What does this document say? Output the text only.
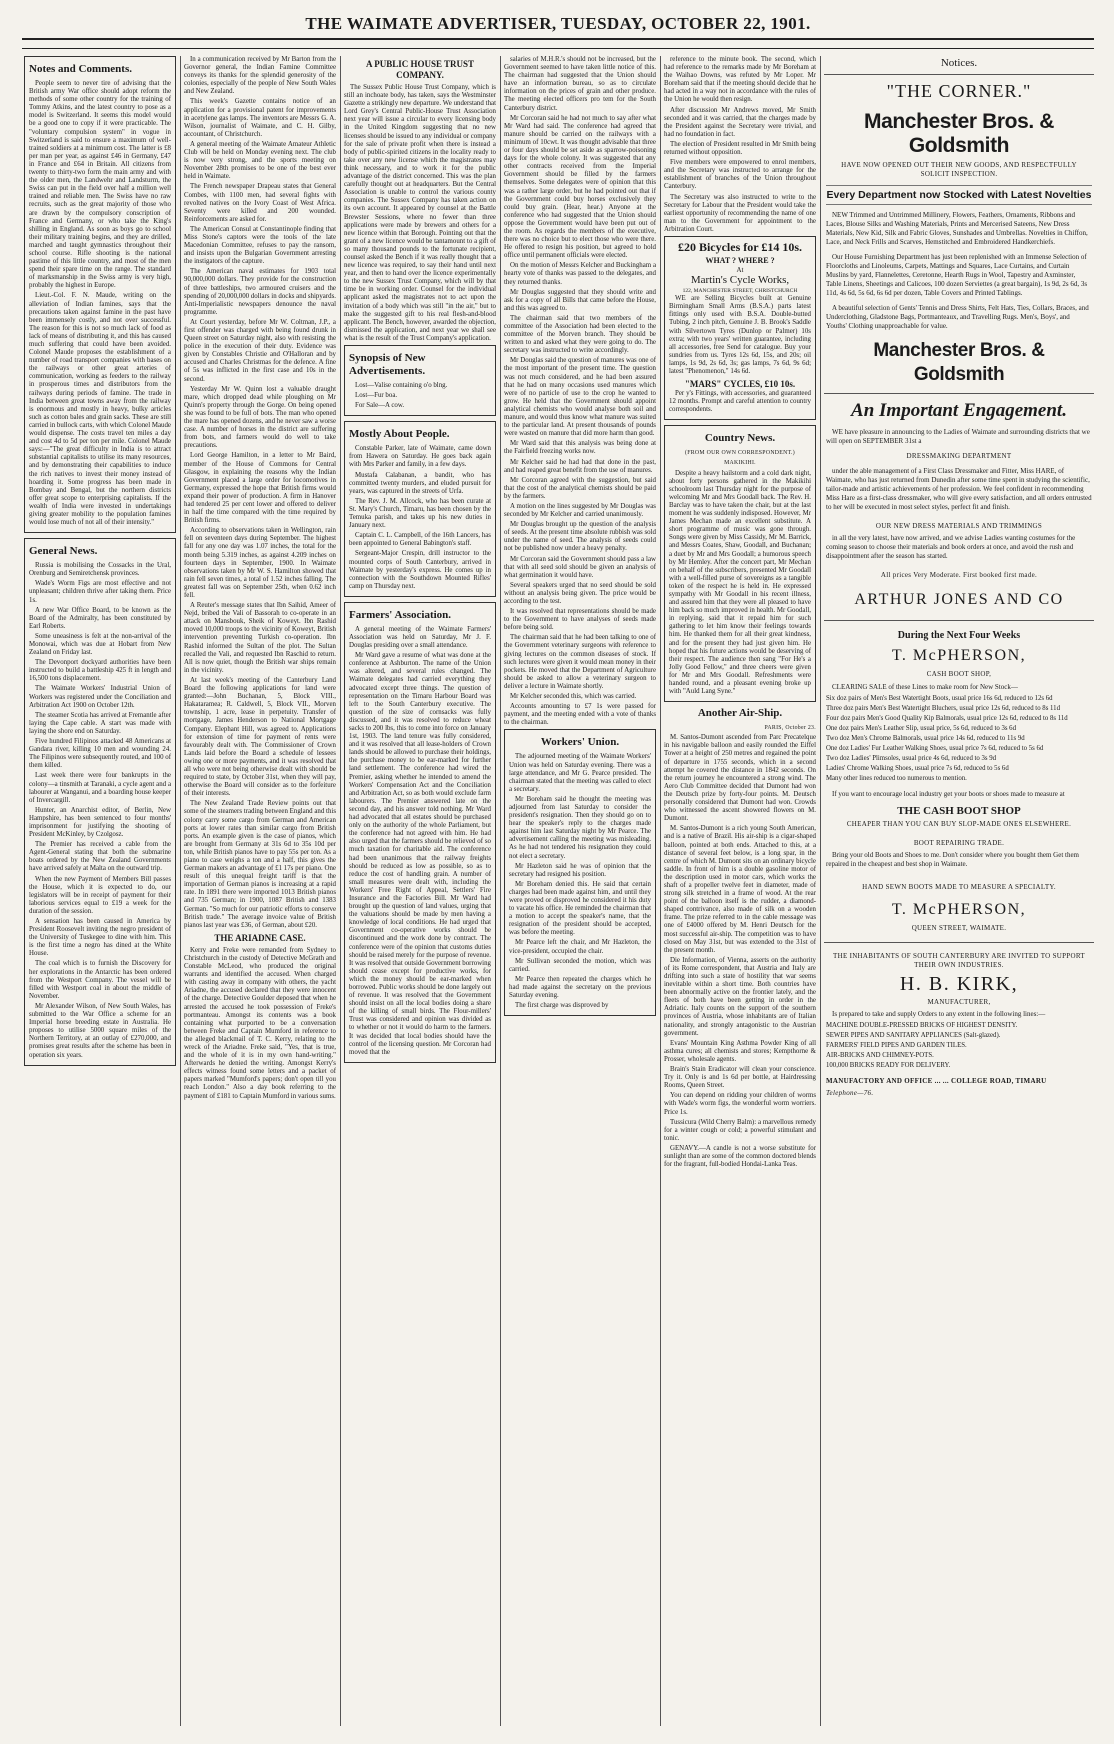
THE WAIMATE ADVERTISER, TUESDAY, OCTOBER 22, 1901.
Notes and Comments.

People seem to never tire of advising that the British army War office should adopt reform the methods of some other country for the training of Tommy Atkins, and the latest country to pose as a model is Switzerland. It seems this model would be a good one to copy if it were practicable. The "voluntary compulsion system" in vogue in Switzerland is said to ensure a maximum of well-trained soldiers at a minimum cost. The latter is £8 per man per year, as against £46 in Germany, £47 in France and £64 in Britain. All citizens from twenty to thirty-two form the main army and with the older men, the Landwehr and Landsturm, the Swiss can put in the field over half a million well trained and reliable men. The Swiss have no raw recruits, such as the great majority of those who are drawn by the compulsory conscription of France and Germany, or who take the King's shilling in England. As soon as boys go to school their military training begins, and they are drilled, marched and taught gymnastics throughout their school course. Rifle shooting is the national pastime of this little country, and most of the men spend their spare time on the range. The standard of marksmanship in the Swiss army is very high, probably the highest in Europe.

Lieut.-Col. F. N. Maude, writing on the alleviation of Indian famines, says that the precautions taken against famine in the past have been immensely costly, and not over successful. The reason for this is not so much lack of food as lack of means of distributing it, and this has caused much suffering that could have been avoided. Colonel Maude proposes the establishment of a number of road transport companies with bases on the railways or other great arteries of communication, working as feeders to the railway in prosperous times and distributors from the railways during periods of famine. The trade in India between great towns away from the railway is enormous and mostly in heavy, bulky articles such as cotton bales and grain sacks. These are still carried in bullock carts, with which Colonel Maude would dispense. The costs travel ten miles a day and cost 4d to 5d per ton per mile. Colonel Maude says:—"The great difficulty in India is to attract substantial capitalists to utilise its many resources, and by demonstrating their capabilities to induce the rich natives to invest their money instead of hoarding it. Some progress has been made in Bombay and Bengal, but the northern districts offer great scope to enterprising capitalists. If the wealth of India were invested in undertakings giving greater mobility to the population famines would lose much of not all of their intensity."

General News.

Russia is mobilising the Cossacks in the Ural, Orenburg and Semiretchensk provinces.

Wade's Worm Figs are most effective and not unpleasant; children thrive after taking them. Price 1s.

A new War Office Board, to be known as the Board of the Admiralty, has been constituted by Earl Roberts.

Some uneasiness is felt at the non-arrival of the Monowai, which was due at Hobart from New Zealand on Friday last.

The Devonport dockyard authorities have been instructed to build a battleship 425 ft in length and 16,500 tons displacement.

The Waimate Workers' Industrial Union of Workers was registered under the Conciliation and Arbitration Act 1900 on October 12th.

The steamer Scotia has arrived at Fremantle after laying the Cape cable. A start was made with laying the shore end on Saturday.

Five hundred Filipinos attacked 48 Americans at Gandara river, killing 10 men and wounding 24. The Filipinos were subsequently routed, and 100 of them killed.

Last week there were four bankrupts in the colony—a tinsmith at Taranaki, a cycle agent and a labourer at Wanganui, and a boarding house keeper of Invercargill.

Hunter, an Anarchist editor, of Berlin, New Hampshire, has been sentenced to four months' imprisonment for justifying the shooting of President McKinley, by Czolgosz.

The Premier has received a cable from the Agent-General stating that both the submarine boats ordered by the New Zealand Governments have arrived safely at Malta on the outward trip.

When the new Payment of Members Bill passes the House, which it is expected to do, our legislators will be in receipt of payment for their laborious services equal to £19 a week for the duration of the session.

A sensation has been caused in America by President Roosevelt inviting the negro president of the University of Tuskegee to dine with him. This is the first time a negro has dined at the White House.

The coal which is to furnish the Discovery for her explorations in the Antarctic has been ordered from the Westport Company. The vessel will be filled with Westport coal in about the middle of November.

Mr Alexander Wilson, of New South Wales, has submitted to the War Office a scheme for an Imperial horse breeding estate in Australia. He proposes to utilise 5000 square miles of the Northern Territory, at an outlay of £270,000, and promises great results after the scheme has been in operation six years.

In a communication received by Mr Barton from the Governor general, the Indian Famine Committee conveys its thanks for the splendid generosity of the colonies, especially of the people of New South Wales and New Zealand.

This week's Gazette contains notice of an application for a provisional patent for improvements in acetylene gas lamps. The inventors are Messrs G. A. Wilson, journalist of Waimate, and C. H. Gilby, accountant, of Christchurch.

A general meeting of the Waimate Amateur Athletic Club will be held on Monday evening next. The club is now very strong, and the sports meeting on November 28th promises to be one of the best ever held in Waimate.

The French newspaper Drapeau states that General Combes, with 1100 men, had several fights with revolted natives on the Ivory Coast of West Africa. Seventy were killed and 200 wounded. Reinforcements are asked for.

The American Consul at Constantinople finding that Miss Stone's captors were the tools of the late Macedonian Committee, refuses to pay the ransom, and insists upon the Bulgarian Government arresting the instigators of the capture.

The American naval estimates for 1903 total 90,000,000 dollars. They provide for the construction of three battleships, two armoured cruisers and the spending of 20,000,000 dollars in docks and shipyards. Anti-Imperialistic newspapers denounce the naval programme.

At Court yesterday, before Mr W. Coltman, J.P., a first offender was charged with being found drunk in Queen street on Saturday night, also with resisting the police in the execution of their duty. Evidence was given by Constables Christie and O'Halloran and by accused and Charles Christmas for the defence. A fine of 5s was inflicted in the first case and 10s in the second.

Yesterday Mr W. Quinn lost a valuable draught mare, which dropped dead while ploughing on Mr Quinn's property through the Gorge. On being opened she was found to be full of bots. The man who opened the mare has opened dozens, and he never saw a worse case. A number of horses in the district are suffering from bots, and farmers would do well to take precautions.

Lord George Hamilton, in a letter to Mr Baird, member of the House of Commons for Central Glasgow, in explaining the reasons why the Indian Government placed a large order for locomotives in Germany, expressed the hope that British firms would expand their power of production. A firm in Hanover had tendered 25 per cent lower and offered to deliver in half the time compared with the time required by British firms.

According to observations taken in Wellington, rain fell on seventeen days during September. The highest fall for any one day was 1.07 inches, the total for the month being 5.319 inches, as against 4.209 inches on fourteen days in September, 1900. In Waimate observations taken by Mr W. S. Hamilton showed that rain fell seven times, a total of 1.52 inches falling. The greatest fall was on September 25th, when 0.62 inch fell.

A Reuter's message states that Ibn Saihid, Ameer of Nejd, bribed the Vali of Bassorah to co-operate in an attack on Mansbouk, Sheik of Koweyt. Ibn Rashid moved 10,000 troops to the vicinity of Koweyt, British intervention preventing Turkish co-operation. Ibn Rashid informed the Sultan of the plot. The Sultan recalled the Vali, and requested Ibn Raschid to return. All is now quiet, though the British war ships remain in the vicinity.

At last week's meeting of the Canterbury Land Board the following applications for land were granted:—John Buchanan, 5, Block VIII., Hakataramea; R. Caldwell, 5, Block VII., Morven township, 1 acre, lease in perpetuity. Transfer of mortgage, James Henderson to National Mortgage Company. Elephant Hill, was agreed to. Applications for extension of time for payment of rents were favourably dealt with. The Commissioner of Crown Lands laid before the Board a schedule of lessees owing one or more payments, and it was resolved that all who were not being otherwise dealt with should be required to state, by October 31st, when they will pay, otherwise the Board will consider as to the forfeiture of their interests.

The New Zealand Trade Review points out that some of the steamers trading between England and this colony carry some cargo from German and American ports at lower rates than similar cargo from British ports. An example given is the case of pianos, which are brought from Germany at 31s 6d to 35s 10d per ton, while British pianos have to pay 55s per ton. As a piano to case weighs a ton and a half, this gives the German makers an advantage of £1 17s per piano. One result of this unequal freight tariff is that the importation of German pianos is increasing at a rapid rate. In 1891 there were imported 1013 British pianos and 735 German; in 1900, 1087 British and 1383 German. "So much for our patriotic efforts to conserve British trade." The average invoice value of British pianos last year was £36, of German, about £20.

THE ARIADNE CASE.

Kerry and Freke were remanded from Sydney to Christchurch in the custody of Detective McGrath and Constable McLeod, who produced the original warrants and identified the accused. When charged with casting away in company with others, the yacht Ariadne, the accused declared that they were innocent of the charge. Detective Goulder deposed that when he arrested the accused he took possession of Freke's portmanteau. Amongst its contents was a book containing what purported to be a conversation between Freke and Captain Mumford in reference to the alleged blackmail of T. C. Kerry, relating to the wreck of the Ariadne. Freke said, "Yes, that is true, and the whole of it is in my own hand-writing." Afterwards he denied the writing. Amongst Kerry's effects witness found some letters and a packet of papers marked "Mumford's papers; don't open till you reach London." Also a day book referring to the payment of £181 to Captain Mumford in various sums.

A PUBLIC HOUSE TRUST COMPANY.

The Sussex Public House Trust Company, which is still an inchoate body, has taken, says the Westminster Gazette a strikingly new departure. We understand that Lord Grey's Central Public-House Trust Association next year will issue a circular to every licensing body in the United Kingdom suggesting that no new licenses should be issued to any individual or company for the sale of private profit when there is instead a body of public-spirited citizens in the locality ready to take over any new license which the magistrates may think necessary, and to work it for the public advantage of the district concerned. This was the plan carefully thought out at headquarters. But the Central Association is unable to control the various county companies. The Sussex Company has taken action on its own account. It appeared by counsel at the Battle Brewster Sessions, where no fewer than three applications were made by brewers and others for a new licence within that Borough. Pointing out that the grant of a new licence would be tantamount to a gift of so many thousand pounds to the fortunate recipient, counsel asked the Bench if it was really thought that a new licence was required, to say their hand until next year, and then to hand over the licence experimentally to the new Sussex Trust Company, which will by that time be in working order. Counsel for the individual applicant asked the magistrates not to act upon the invitation of a body which was still "in the air," but to make the suggested gift to his real flesh-and-blood applicant. The Bench, however, awarded the objection, dismissed the application, and next year we shall see what is the result of the Trust Company's application.

Synopsis of New Advertisements.

Lost—Valise containing o'o blng.

Lost—Fur boa.

For Sale—A cow.

Mostly About People.

Constable Parker, late of Waimate, came down from Hawera on Saturday. He goes back again with Mrs Parker and family, in a few days.

Mustafa Calabanan, a bandit, who has committed twenty murders, and eluded pursuit for years, was captured in the streets of Urfa.

The Rev. J. M. Allcock, who has been curate at St. Mary's Church, Timaru, has been chosen by the Temuka parish, and takes up his new duties in January next.

Captain C. L. Campbell, of the 16th Lancers, has been appointed to General Babington's staff.

Sergeant-Major Crespin, drill instructor to the mounted corps of South Canterbury, arrived in Waimate by yesterday's express. He comes up in connection with the Southdown Mounted Rifles' camp on Thursday next.

Farmers' Association.

A general meeting of the Waimate Farmers' Association was held on Saturday, Mr J. F. Douglas presiding over a small attendance.

Mr Ward gave a resume of what was done at the conference at Ashburton. The name of the Union was altered, and several rules changed. The Waimate delegates had carried everything they advocated except three things. The question of representation on the Timaru Harbour Board was left to the South Canterbury executive. The question of the size of cornsacks was fully discussed, and it was resolved to reduce wheat sacks to 200 lbs, this to come into force on January 1st, 1903. The land tenure was fully considered, and it was resolved that all lease-holders of Crown lands should be allowed to purchase their holdings, the purchase money to be ear-marked for further land settlement. The conference had wired the Premier, asking whether he intended to amend the Workers' Compensation Act and the Conciliation and Arbitration Act, so as both would exclude farm labourers. The Premier answered late on the second day, and his answer told nothing. Mr Ward had advocated that all estates should be purchased only on the authority of the whole Parliament, but the conference had not agreed with him. He had also urged that the farmers should be relieved of so much taxation for charitable aid. The conference had been unanimous that the railway freights should be reduced as low as possible, so as to reduce the cost of handling grain. A number of small measures were dealt with, including the Workers' Free Right of Appeal, Settlers' Fire Insurance and the Factories Bill. Mr Ward had brought up the question of land values, urging that the valuations should be made by men having a knowledge of local conditions. He had urged that Government co-operative works should be discontinued and the work done by contract. The conference were of the opinion that customs duties should be raised merely for the purpose of revenue. It was resolved that outside Government borrowing should cease except for productive works, for which the money should be ear-marked when borrowed. Public works should be done largely out of revenue. It was resolved that the Government should insist on all the local bodies doing a share of the killing of small birds. The Flour-millers' Trust was considered and opinion was divided as to whether or not it would do harm to the farmers. It was decided that local bodies should have the control of the licensing question. Mr Corcoran had moved that the

salaries of M.H.R.'s should not be increased, but the Government seemed to have taken little notice of this. The chairman had suggested that the Union should have an information bureau, so as to circulate information on the prices of grain and other produce. The meeting elected officers pro tem for the South Canterbury district.

Mr Corcoran said he had not much to say after what Mr Ward had said. The conference had agreed that manure should be carried on the railways with a minimum of 10cwt. It was thought advisable that three or four days should be set aside as sparrow-poisoning days for the whole colony. It was suggested that any other contracts received from the Imperial Government should be filled by the farmers themselves. Some delegates were of opinion that this was a rather large order, but he had pointed out that if the Government could buy horses exclusively they could buy grain. (Hear, hear.) Anyone at the conference who had suggested that the Union should oppose the Government would have been put out of the room. As regards the members of the executive, there was no choice but to elect those who were there. He offered to resign his position, but agreed to hold office until permanent officials were elected.

On the motion of Messrs Kelcher and Buckingham a hearty vote of thanks was passed to the delegates, and they returned thanks.

Mr Douglas suggested that they should write and ask for a copy of all Bills that came before the House, and this was agreed to.

The chairman said that two members of the committee of the Association had been elected to the committee of the Morven branch. They should be written to and asked what they were going to do. The secretary was instructed to write accordingly.

Mr Douglas said the question of manures was one of the most important of the present time. The question was not much considered, and he had been assured that he had on many occasions used manures which were of no particle of use to the crop he wanted to grow. He held that the Government should appoint analytical chemists who would analyse both soil and manure, and would thus know what manure was suited to the particular land. At present thousands of pounds were wasted on manure that did more harm than good.

Mr Ward said that this analysis was being done at the Fairfield freezing works now.

Mr Kelcher said he had had that done in the past, and had reaped great benefit from the use of manures.

Mr Corcoran agreed with the suggestion, but said that the cost of the analytical chemists should be paid by the farmers.

A motion on the lines suggested by Mr Douglas was seconded by Mr Kelcher and carried unanimously.

Mr Douglas brought up the question of the analysis of seeds. At the present time absolute rubbish was sold under the name of seed. The analysis of seeds could not be published now under a heavy penalty.

Mr Corcoran said the Government should pass a law that with all seed sold should be given an analysis of what germination it would have.

Several speakers urged that no seed should be sold without an analysis being given. The price would be according to the test.

It was resolved that representations should be made to the Government to have analyses of seeds made before being sold.

The chairman said that he had been talking to one of the Government veterinary surgeons with reference to giving lectures on the common diseases of stock. If such lectures were given it would mean money in their pockets. He moved that the Department of Agriculture should be asked to allow a veterinary surgeon to deliver a lecture in Waimate shortly.

Mr Kelcher seconded this, which was carried.

Accounts amounting to £7 1s were passed for payment, and the meeting ended with a vote of thanks to the chairman.

Workers' Union.

The adjourned meeting of the Waimate Workers' Union was held on Saturday evening. There was a large attendance, and Mr G. Pearce presided. The chairman stated that the meeting was called to elect a secretary.

Mr Boreham said he thought the meeting was adjourned from last Saturday to consider the president's resignation. Then they should go on to hear the speaker's reply to the charges made against him last Saturday night by Mr Pearce. The advertisement calling the meeting was misleading. As he had not tendered his resignation they could not elect a secretary.

Mr Hazleton said he was of opinion that the secretary had resigned his position.

Mr Boreham denied this. He said that certain charges had been made against him, and until they were proved or disproved he considered it his duty to vacate his office. He reminded the chairman that a motion to accept the speaker's name, that the resignation of the president should be accepted, was before the meeting.

Mr Pearce left the chair, and Mr Hazleton, the vice-president, occupied the chair.

Mr Sullivan seconded the motion, which was carried.

Mr Pearce then repeated the charges which he had made against the secretary on the previous Saturday evening.

The first charge was disproved by

reference to the minute book. The second, which had reference to the remarks made by Mr Boreham at the Waihao Downs, was refuted by Mr Loper. Mr Boreham said that if the meeting should decide that he had acted in a way not in accordance with the rules of the Union he would then resign.

After discussion Mr Andrews moved, Mr Smith seconded and it was carried, that the charges made by the President against the Secretary were trivial, and had no foundation in fact.

The election of President resulted in Mr Smith being returned without opposition.

Five members were empowered to enrol members, and the Secretary was instructed to arrange for the establishment of branches of the Union throughout Canterbury.

The Secretary was also instructed to write to the Secretary for Labour that the President would take the earliest opportunity of recommending the name of one man to the Government for appointment to the Arbitration Court.

£20 Bicycles for £14 10s.
WHAT ? WHERE ?
At
Martin's Cycle Works,
122, MANCHESTER STREET, CHRISTCHURCH

WE are Selling Bicycles built at Genuine Birmingham Small Arms (B.S.A.) parts latest fittings only used with B.S.A. Double-butted Tubing, 2 inch pitch, Genuine J. B. Brook's Saddle with Silvertown Tyres (Dunlop or Palmer) 10s extra; with two years' written guarantee, including all accessories, free Send for catalogue. Buy your sundries from us. Tyres 12s 6d, 15s, and 20s; oil lamps, 1s 9d, 2s 6d, 3s; gas lamps, 7s 6d, 9s 6d; latest "Phenomenon," 14s 6d.

"MARS" CYCLES, £10 10s.

Per y's Fittings, with accessories, and guaranteed 12 months. Prompt and careful attention to country correspondents.

Country News.
(FROM OUR OWN CORRESPONDENT.)
MAKIKIHI.

Despite a heavy hailstorm and a cold dark night, about forty persons gathered in the Makikihi schoolroom last Thursday night for the purpose of welcoming Mr and Mrs Goodall back. The Rev. H. Barclay was to have taken the chair, but at the last moment he was suddenly indisposed. However, Mr James Mechan made an excellent substitute. A short programme of music was gone through. Songs were given by Miss Cassidy, Mr M. Barrick, and Messrs Coates, Shaw, Goodall, and Buchanan; a duet by Mr and Mrs Goodall; a humorous speech by Mr Hemley. After the concert part, Mr Mechan on behalf of the subscribers, presented Mr Goodall with a well-filled purse of sovereigns as a tangible token of the respect he is held in. He expressed sympathy with Mr Goodall in his recent illness, and assured him that they were all pleased to have him back so much improved in health. Mr Goodall, in replying, said that it repaid him for such gathering to let him know their feelings towards him. He thanked them for all their great kindness, and for the present they had just given him. He hoped that his future actions would be deserving of their respect. The audience then sang "For He's a Jolly Good Fellow," and three cheers were given for Mr and Mrs Goodall. Refreshments were handed round, and a pleasant evening broke up with "Auld Lang Syne."

Another Air-Ship.
PARIS, October 23.

M. Santos-Dumont ascended from Parc Precatelque in his navigable balloon and easily rounded the Eiffel Tower at a height of 250 metres and regained the point of departure in 1755 seconds, which in a second attempt he covered the distance in 1842 seconds. On the return journey he encountered a strong wind. The Aero Club Committee decided that Dumont had won the Deutsch prize by forty-four points. M. Deutsch personally considered that Dumont had won. Crowds who witnessed the ascent showered flowers on M. Dumont.

M. Santos-Dumont is a rich young South American, and is a native of Brazil. His air-ship is a cigar-shaped balloon, pointed at both ends. Attached to this, at a distance of several feet below, is a long spar, in the centre of which M. Dumont sits on an ordinary bicycle saddle. In front of him is a double gasoline motor of the description used in motor cars, which works the shaft of a propeller twelve feet in diameter, made of strong silk stretched in a frame of wood. At the rear point of the balloon itself is the rudder, a diamond-shaped contrivance, also made of silk on a wooden frame. The prize referred to in the cable message was one of £4000 offered by M. Henri Deutsch for the most successful air-ship. The competition was to have closed on May 31st, but was extended to the 31st of the present month.

Die Information, of Vienna, asserts on the authority of its Rome correspondent, that Austria and Italy are drifting into such a state of hostility that war seems inevitable within a short time. Both countries have been abnormally active on the frontier lately, and the fleets of both have been getting in order in the Adriatic. Italy counts on the support of the southern provinces of Austria, whose inhabitants are of Italian nationality, and strongly antagonistic to the Austrian government.

Evans' Mountain King Asthma Powder King of all asthma cures; all chemists and stores; Kempthorne & Prosser, wholesale agents.

Brain's Stain Eradicator will clean your conscience. Try it. Only is and 1s 6d per bottle, at Hairdressing Rooms, Queen Street.

You can depend on ridding your children of worms with Wade's worm figs, the wonderful worm worriers. Price 1s.

Tussicura (Wild Cherry Balm): a marvellous remedy for a winter cough or cold; a powerful stimulant and tonic.

GENAVY.—A candle is not a worse substitute for sunlight than are some of the common doctored blends for the fragrant, full-bodied Hondai-Lanka Teas.

Notices.
"THE CORNER."
Manchester Bros. & Goldsmith
HAVE NOW OPENED OUT THEIR NEW GOODS, AND RESPECTFULLY SOLICIT INSPECTION.
Every Department now Stocked with Latest Novelties

NEW Trimmed and Untrimmed Millinery, Flowers, Feathers, Ornaments, Ribbons and Laces, Blouse Silks and Washing Materials, Prints and Mercerised Sateens, New Dress Materials, New Kid, Silk and Fabric Gloves, Sunshades and Umbrellas. Novelties in Chiffon, Lace, and Neck Frills and Scarves, Hemstitched and Embroidered Handkerchiefs.

Our House Furnishing Department has just been replenished with an Immense Selection of Floorcloths and Linoleums, Carpets, Mattings and Squares, Lace Curtains, and Curtain Muslins by yard, Flannelettes, Ceretonne, Hearth Rugs in Wool, Tapestry and Axminster, Table Linens, Sheetings and Calicoes, 100 dozen Serviettes (a great bargain), 1s 9d, 2s 6d, 3s 11d, 4s 6d, 5s 6d, 6s 6d per dozen, Table Covers and Printed Tablings.

A beautiful selection of Gents' Tennis and Dress Shirts, Felt Hats, Ties, Collars, Braces, and Underclothing, Gladstone Bags, Portmanteaux, and Travelling Rugs. Men's, Boys', and Youths' Clothing unapproachable for value.

Manchester Bros. & Goldsmith
An Important Engagement.

WE have pleasure in announcing to the Ladies of Waimate and surrounding districts that we will open on SEPTEMBER 31st a

DRESSMAKING DEPARTMENT

under the able management of a First Class Dressmaker and Fitter, Miss HARE, of Waimate, who has just returned from Dunedin after some time spent in studying the scientific, tailor-made and artistic achievements of her profession. We feel confident in recommending Miss Hare as a first-class dressmaker, who will give every satisfaction, and all orders entrusted to her will be executed in most select styles, perfect fit and finish.

OUR NEW DRESS MATERIALS AND TRIMMINGS

in all the very latest, have now arrived, and we advise Ladies wanting costumes for the coming season to choose their materials and book orders at once, and avoid the rush and disappointment after the season has started.

All prices Very Moderate. First booked first made.
ARTHUR JONES AND CO
During the Next Four Weeks
T. McPHERSON,
CASH BOOT SHOP,

CLEARING SALE of these Lines to make room for New Stock—

Six doz pairs of Men's Best Watertight Boots, usual price 16s 6d, reduced to 12s 6d
Three doz pairs Men's Best Watertight Bluchers, usual price 12s 6d, reduced to 8s 11d
Four doz pairs Men's Good Quality Kip Balmorals, usual price 12s 6d, reduced to 8s 11d
One doz pairs Men's Leather Slip, usual price, 5s 6d, reduced to 3s 6d
Two doz Men's Chrome Balmorals, usual price 14s 6d, reduced to 11s 9d
One doz Ladies' Fur Leather Walking Shoes, usual price 7s 6d, reduced to 5s 6d
Two doz Ladies' Plimsoles, usual price 4s 6d, reduced to 3s 9d
Ladies' Chrome Walking Shoes, usual price 7s 6d, reduced to 5s 6d
Many other lines reduced too numerous to mention.

If you want to encourage local industry get your boots or shoes made to measure at

THE CASH BOOT SHOP
CHEAPER THAN YOU CAN BUY SLOP-MADE ONES ELSEWHERE.
BOOT REPAIRING TRADE.

Bring your old Boots and Shoes to me. Don't consider where you bought them Get them repaired in the cheapest and best shop in Waimate.

HAND SEWN BOOTS MADE TO MEASURE A SPECIALTY.
T. McPHERSON,
QUEEN STREET, WAIMATE.
THE INHABITANTS OF SOUTH CANTERBURY ARE INVITED TO SUPPORT THEIR OWN INDUSTRIES.
H. B. KIRK,
MANUFACTURER,

Is prepared to take and supply Orders to any extent in the following lines:—

MACHINE DOUBLE-PRESSED BRICKS OF HIGHEST DENSITY.
SEWER PIPES AND SANITARY APPLIANCES (Salt-glazed).
FARMERS' FIELD PIPES AND GARDEN TILES.
AIR-BRICKS AND CHIMNEY-POTS.
100,000 BRICKS READY FOR DELIVERY.
MANUFACTORY AND OFFICE ... ... COLLEGE ROAD, TIMARU
Telephone—76.
